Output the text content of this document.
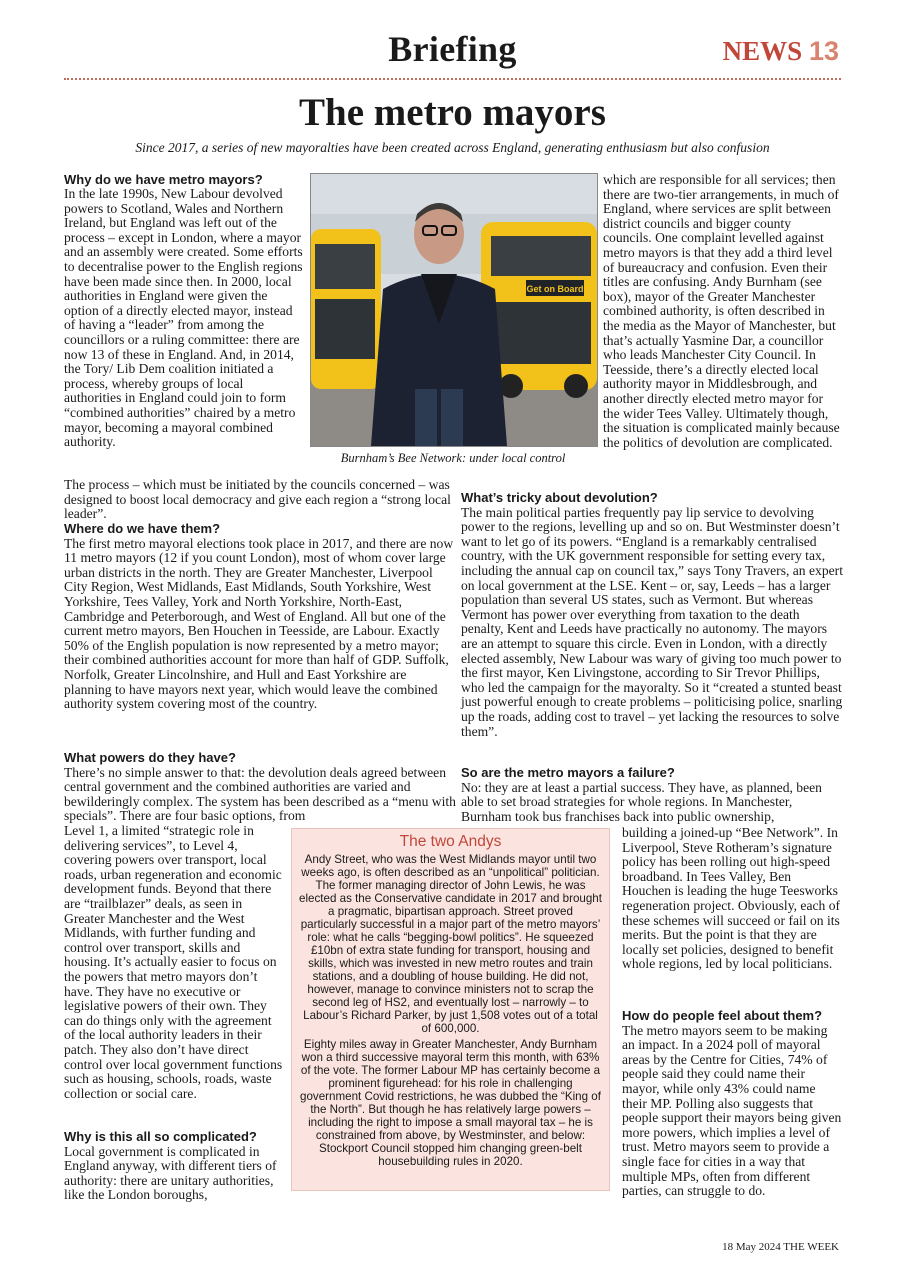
Briefing	NEWS 13
The metro mayors
Since 2017, a series of new mayoralties have been created across England, generating enthusiasm but also confusion

Why do we have metro mayors?

In the late 1990s, New Labour devolved powers to Scotland, Wales and Northern Ireland, but England was left out of the process – except in London, where a mayor and an assembly were created. Some efforts to decentralise power to the English regions have been made since then. In 2000, local authorities in England were given the option of a directly elected mayor, instead of having a “leader” from among the councillors or a ruling committee: there are now 13 of these in England. And, in 2014, the Tory/ Lib Dem coalition initiated a process, whereby groups of local authorities in England could join to form “combined authorities” chaired by a metro mayor, becoming a mayoral combined authority.

The process – which must be initiated by the councils concerned – was designed to boost local democracy and give each region a “strong local leader”.

Where do we have them?

The first metro mayoral elections took place in 2017, and there are now 11 metro mayors (12 if you count London), most of whom cover large urban districts in the north. They are Greater Manchester, Liverpool City Region, West Midlands, East Midlands, South Yorkshire, West Yorkshire, Tees Valley, York and North Yorkshire, North-East, Cambridge and Peterborough, and West of England. All but one of the current metro mayors, Ben Houchen in Teesside, are Labour. Exactly 50% of the English population is now represented by a metro mayor; their combined authorities account for more than half of GDP. Suffolk, Norfolk, Greater Lincolnshire, and Hull and East Yorkshire are planning to have mayors next year, which would leave the combined authority system covering most of the country.

What powers do they have?

There’s no simple answer to that: the devolution deals agreed between central government and the combined authorities are varied and bewilderingly complex. The system has been described as a “menu with specials”. There are four basic options, from

Level 1, a limited “strategic role in delivering services”, to Level 4, covering powers over transport, local roads, urban regeneration and economic development funds. Beyond that there are “trailblazer” deals, as seen in Greater Manchester and the West Midlands, with further funding and control over transport, skills and housing. It’s actually easier to focus on the powers that metro mayors don’t have. They have no executive or legislative powers of their own. They can do things only with the agreement of the local authority leaders in their patch. They also don’t have direct control over local government functions such as housing, schools, roads, waste collection or social care.

Why is this all so complicated?

Local government is complicated in England anyway, with different tiers of authority: there are unitary authorities, like the London boroughs,

Get on Board
Burnham’s Bee Network: under local control

which are responsible for all services; then there are two-tier arrangements, in much of England, where services are split between district councils and bigger county councils. One complaint levelled against metro mayors is that they add a third level of bureaucracy and confusion. Even their titles are confusing. Andy Burnham (see box), mayor of the Greater Manchester combined authority, is often described in the media as the Mayor of Manchester, but that’s actually Yasmine Dar, a councillor who leads Manchester City Council. In Teesside, there’s a directly elected local authority mayor in Middlesbrough, and another directly elected metro mayor for the wider Tees Valley. Ultimately though, the situation is complicated mainly because the politics of devolution are complicated.

What’s tricky about devolution?

The main political parties frequently pay lip service to devolving power to the regions, levelling up and so on. But Westminster doesn’t want to let go of its powers. “England is a remarkably centralised country, with the UK government responsible for setting every tax, including the annual cap on council tax,” says Tony Travers, an expert on local government at the LSE. Kent – or, say, Leeds – has a larger population than several US states, such as Vermont. But whereas Vermont has power over everything from taxation to the death penalty, Kent and Leeds have practically no autonomy. The mayors are an attempt to square this circle. Even in London, with a directly elected assembly, New Labour was wary of giving too much power to the first mayor, Ken Livingstone, according to Sir Trevor Phillips, who led the campaign for the mayoralty. So it “created a stunted beast just powerful enough to create problems – politicising police, snarling up the roads, adding cost to travel – yet lacking the resources to solve them”.

So are the metro mayors a failure?

No: they are at least a partial success. They have, as planned, been able to set broad strategies for whole regions. In Manchester, Burnham took bus franchises back into public ownership,

building a joined-up “Bee Network”. In Liverpool, Steve Rotheram’s signature policy has been rolling out high-speed broadband. In Tees Valley, Ben Houchen is leading the huge Teesworks regeneration project. Obviously, each of these schemes will succeed or fail on its merits. But the point is that they are locally set policies, designed to benefit whole regions, led by local politicians.

How do people feel about them?

The metro mayors seem to be making an impact. In a 2024 poll of mayoral areas by the Centre for Cities, 74% of people said they could name their mayor, while only 43% could name their MP. Polling also suggests that people support their mayors being given more powers, which implies a level of trust. Metro mayors seem to provide a single face for cities in a way that multiple MPs, often from different parties, can struggle to do.

The two Andys

Andy Street, who was the West Midlands mayor until two weeks ago, is often described as an “unpolitical” politician. The former managing director of John Lewis, he was elected as the Conservative candidate in 2017 and brought a pragmatic, bipartisan approach. Street proved particularly successful in a major part of the metro mayors’ role: what he calls “begging-bowl politics”. He squeezed £10bn of extra state funding for transport, housing and skills, which was invested in new metro routes and train stations, and a doubling of house building. He did not, however, manage to convince ministers not to scrap the second leg of HS2, and eventually lost – narrowly – to Labour’s Richard Parker, by just 1,508 votes out of a total of 600,000.

Eighty miles away in Greater Manchester, Andy Burnham won a third successive mayoral term this month, with 63% of the vote. The former Labour MP has certainly become a prominent figurehead: for his role in challenging government Covid restrictions, he was dubbed the “King of the North”. But though he has relatively large powers – including the right to impose a small mayoral tax – he is constrained from above, by Westminster, and below: Stockport Council stopped him changing green-belt housebuilding rules in 2020.

18 May 2024 THE WEEK
